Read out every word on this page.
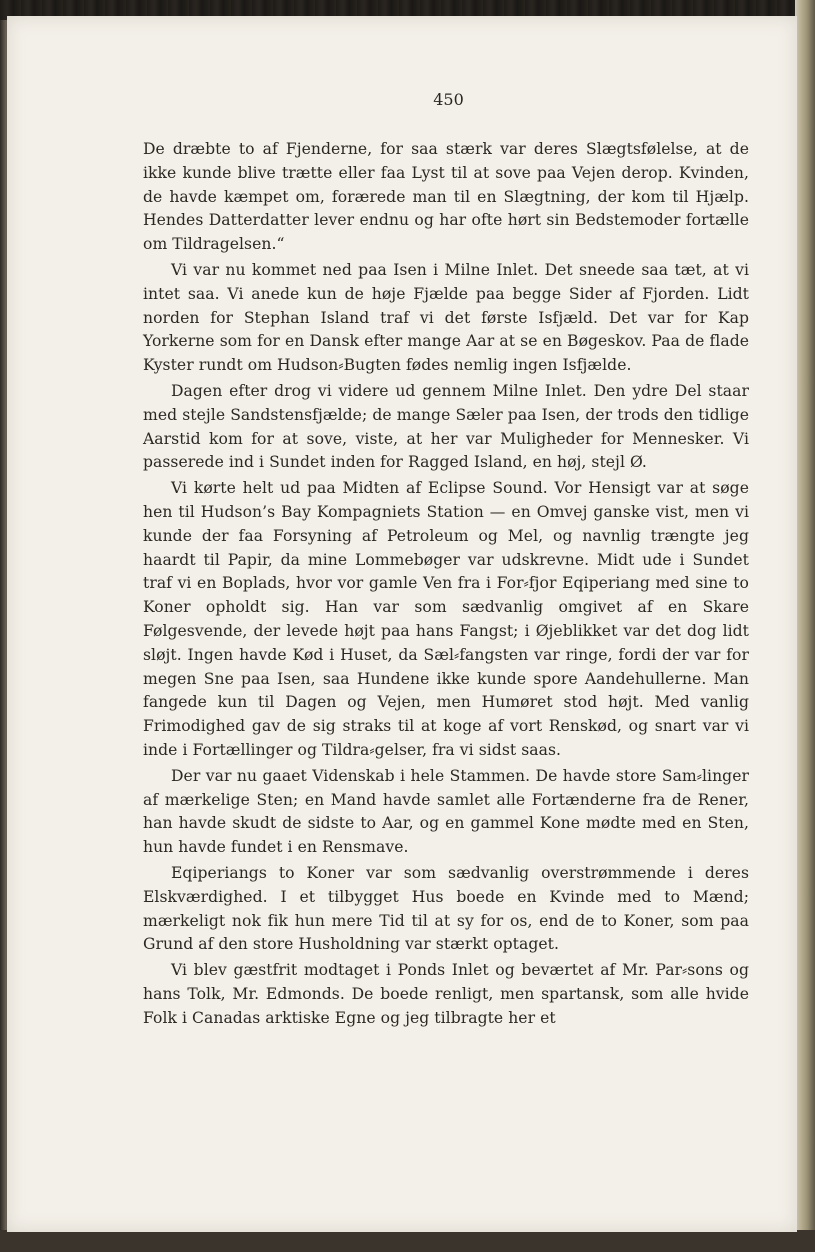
450

De dræbte to af Fjenderne, for saa stærk var deres Slægtsfølelse, at de ikke kunde blive trætte eller faa Lyst til at sove paa Vejen derop. Kvinden, de havde kæmpet om, forærede man til en Slægtning, der kom til Hjælp. Hendes Datterdatter lever endnu og har ofte hørt sin Bedstemoder fortælle om Tildragelsen.“

Vi var nu kommet ned paa Isen i Milne Inlet. Det sneede saa tæt, at vi intet saa. Vi anede kun de høje Fjælde paa begge Sider af Fjorden. Lidt norden for Stephan Island traf vi det første Isfjæld. Det var for Kap Yorkerne som for en Dansk efter mange Aar at se en Bøgeskov. Paa de flade Kyster rundt om Hudson⸗Bugten fødes nemlig ingen Isfjælde.

Dagen efter drog vi videre ud gennem Milne Inlet. Den ydre Del staar med stejle Sandstensfjælde; de mange Sæler paa Isen, der trods den tidlige Aarstid kom for at sove, viste, at her var Muligheder for Mennesker. Vi passerede ind i Sundet inden for Ragged Island, en høj, stejl Ø.

Vi kørte helt ud paa Midten af Eclipse Sound. Vor Hensigt var at søge hen til Hudson’s Bay Kompagniets Station — en Omvej ganske vist, men vi kunde der faa Forsyning af Petroleum og Mel, og navnlig trængte jeg haardt til Papir, da mine Lommebøger var udskrevne. Midt ude i Sundet traf vi en Boplads, hvor vor gamle Ven fra i For⸗fjor Eqiperiang med sine to Koner opholdt sig. Han var som sædvanlig omgivet af en Skare Følgesvende, der levede højt paa hans Fangst; i Øjeblikket var det dog lidt sløjt. Ingen havde Kød i Huset, da Sæl⸗fangsten var ringe, fordi der var for megen Sne paa Isen, saa Hundene ikke kunde spore Aandehullerne. Man fangede kun til Dagen og Vejen, men Humøret stod højt. Med vanlig Frimodighed gav de sig straks til at koge af vort Renskød, og snart var vi inde i Fortællinger og Tildra⸗gelser, fra vi sidst saas.

Der var nu gaaet Videnskab i hele Stammen. De havde store Sam⸗linger af mærkelige Sten; en Mand havde samlet alle Fortænderne fra de Rener, han havde skudt de sidste to Aar, og en gammel Kone mødte med en Sten, hun havde fundet i en Rensmave.

Eqiperiangs to Koner var som sædvanlig overstrømmende i deres Elskværdighed. I et tilbygget Hus boede en Kvinde med to Mænd; mærkeligt nok fik hun mere Tid til at sy for os, end de to Koner, som paa Grund af den store Husholdning var stærkt optaget.

Vi blev gæstfrit modtaget i Ponds Inlet og beværtet af Mr. Par⸗sons og hans Tolk, Mr. Edmonds. De boede renligt, men spartansk, som alle hvide Folk i Canadas arktiske Egne og jeg tilbragte her et
